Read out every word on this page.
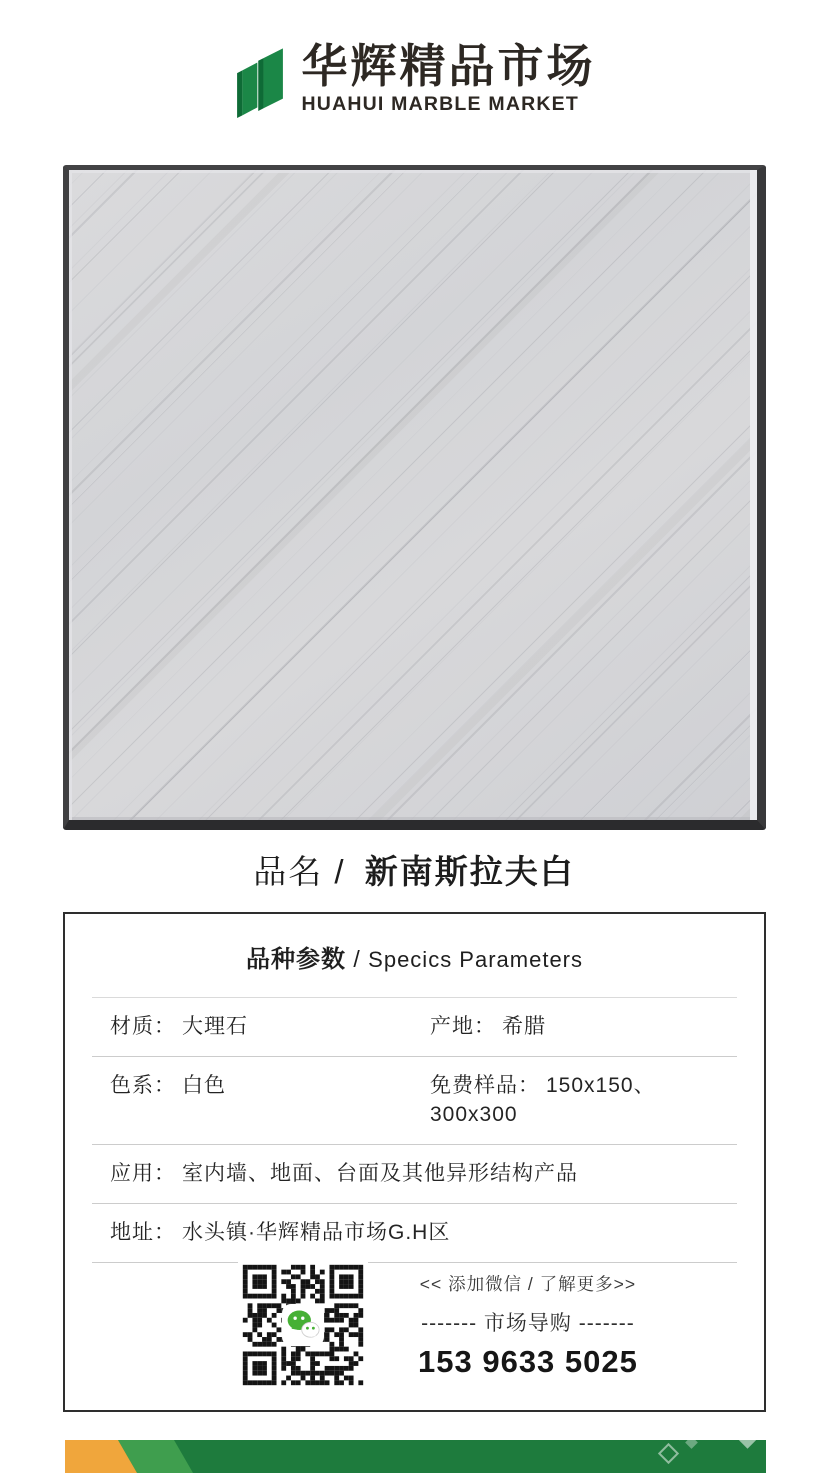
华辉精品市场
HUAHUI MARBLE MARKET
品名 / 新南斯拉夫白
品种参数 / Specics Parameters
材质： 大理石	产地： 希腊
色系： 白色	免费样品： 150x150、300x300
应用： 室内墙、地面、台面及其他异形结构产品
地址： 水头镇·华辉精品市场G.H区
<< 添加微信 / 了解更多>>
------- 市场导购 -------
153 9633 5025
